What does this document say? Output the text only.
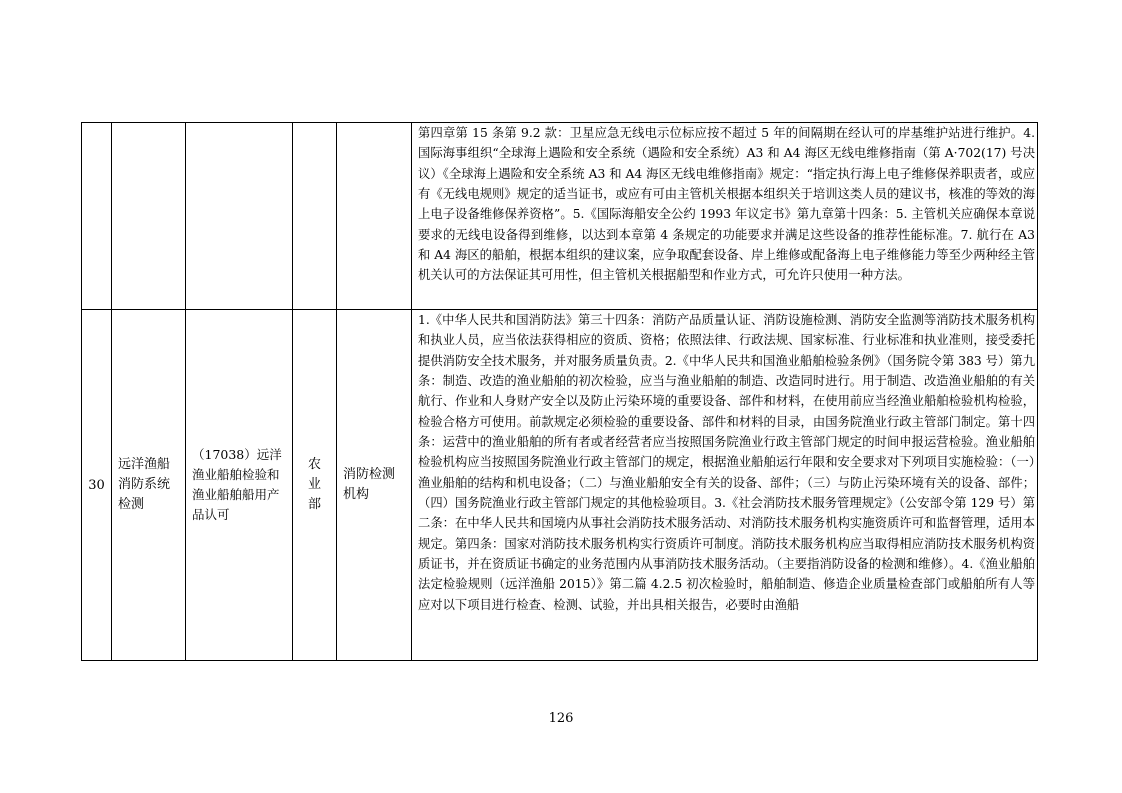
					第四章第 15 条第 9.2 款：卫星应急无线电示位标应按不超过 5 年的间隔期在经认可的岸基维护站进行维护。4. 国际海事组织“全球海上遇险和安全系统（遇险和安全系统）A3 和 A4 海区无线电维修指南（第 A·702(17) 号决议）《全球海上遇险和安全系统 A3 和 A4 海区无线电维修指南》规定：“指定执行海上电子维修保养职责者，或应有《无线电规则》规定的适当证书，或应有可由主管机关根据本组织关于培训这类人员的建议书，核准的等效的海上电子设备维修保养资格”。5.《国际海船安全公约 1993 年议定书》第九章第十四条：5. 主管机关应确保本章说要求的无线电设备得到维修，以达到本章第 4 条规定的功能要求并满足这些设备的推荐性能标准。7. 航行在 A3 和 A4 海区的船舶，根据本组织的建议案，应争取配套设备、岸上维修或配备海上电子维修能力等至少两种经主管机关认可的方法保证其可用性，但主管机关根据船型和作业方式，可允许只使用一种方法。

30	远洋渔船消防系统检测	（17038）远洋渔业船舶检验和渔业船舶船用产品认可	农业部	消防检测机构	1.《中华人民共和国消防法》第三十四条：消防产品质量认证、消防设施检测、消防安全监测等消防技术服务机构和执业人员，应当依法获得相应的资质、资格；依照法律、行政法规、国家标准、行业标准和执业准则，接受委托提供消防安全技术服务，并对服务质量负责。2.《中华人民共和国渔业船舶检验条例》（国务院令第 383 号）第九条：制造、改造的渔业船舶的初次检验，应当与渔业船舶的制造、改造同时进行。用于制造、改造渔业船舶的有关航行、作业和人身财产安全以及防止污染环境的重要设备、部件和材料，在使用前应当经渔业船舶检验机构检验，检验合格方可使用。前款规定必须检验的重要设备、部件和材料的目录，由国务院渔业行政主管部门制定。第十四条：运营中的渔业船舶的所有者或者经营者应当按照国务院渔业行政主管部门规定的时间申报运营检验。渔业船舶检验机构应当按照国务院渔业行政主管部门的规定，根据渔业船舶运行年限和安全要求对下列项目实施检验：（一）渔业船舶的结构和机电设备；（二）与渔业船舶安全有关的设备、部件；（三）与防止污染环境有关的设备、部件；（四）国务院渔业行政主管部门规定的其他检验项目。3.《社会消防技术服务管理规定》（公安部令第 129 号）第二条：在中华人民共和国境内从事社会消防技术服务活动、对消防技术服务机构实施资质许可和监督管理，适用本规定。第四条：国家对消防技术服务机构实行资质许可制度。消防技术服务机构应当取得相应消防技术服务机构资质证书，并在资质证书确定的业务范围内从事消防技术服务活动。（主要指消防设备的检测和维修）。4.《渔业船舶法定检验规则（远洋渔船 2015）》第二篇 4.2.5 初次检验时，船舶制造、修造企业质量检查部门或船舶所有人等应对以下项目进行检查、检测、试验，并出具相关报告，必要时由渔船
126
